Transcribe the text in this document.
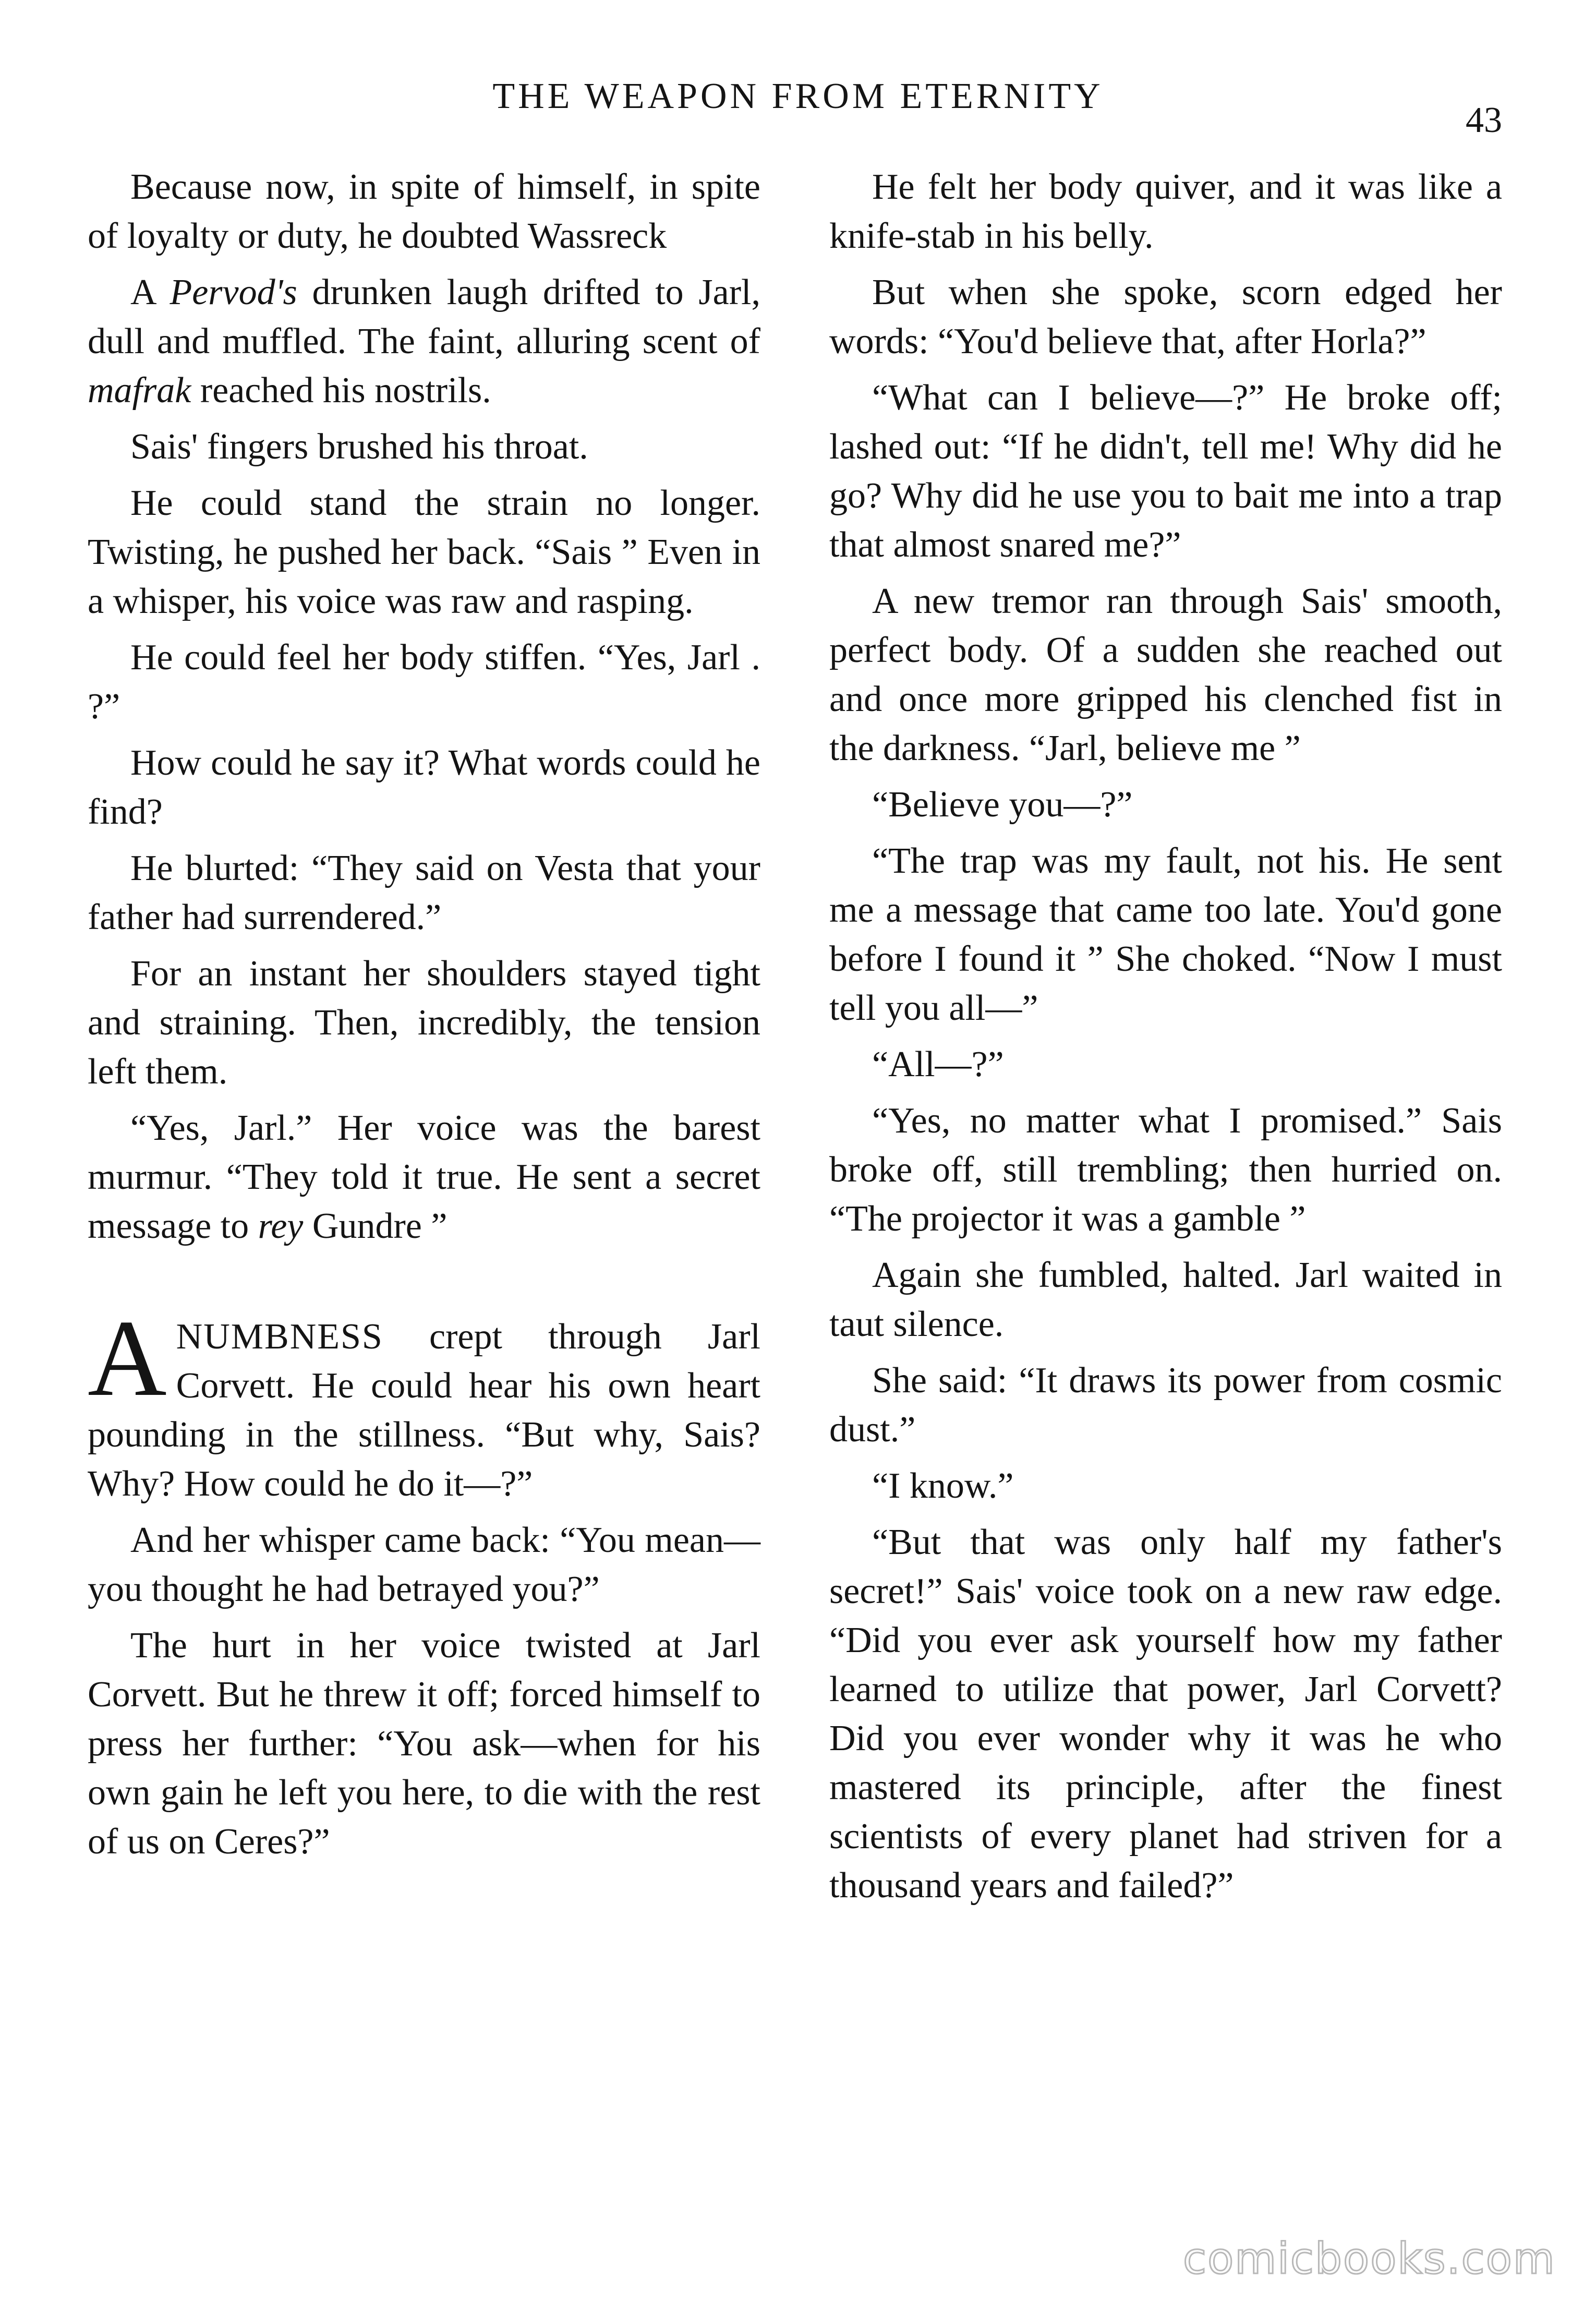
THE WEAPON FROM ETERNITY
43

Because now, in spite of himself, in spite of loyalty or duty, he doubted Wassreck

A Pervod's drunken laugh drifted to Jarl, dull and muffled. The faint, alluring scent of mafrak reached his nostrils.

Sais' fingers brushed his throat.

He could stand the strain no longer. Twisting, he pushed her back. “Sais ” Even in a whisper, his voice was raw and rasping.

He could feel her body stiffen. “Yes, Jarl . ?”

How could he say it? What words could he find?

He blurted: “They said on Vesta that your father had surrendered.”

For an instant her shoulders stayed tight and straining. Then, incredibly, the tension left them.

“Yes, Jarl.” Her voice was the barest murmur. “They told it true. He sent a secret message to rey Gundre ”

ANUMBNESS crept through Jarl Corvett. He could hear his own heart pounding in the stillness. “But why, Sais? Why? How could he do it—?”

And her whisper came back: “You mean—you thought he had betrayed you?”

The hurt in her voice twisted at Jarl Corvett. But he threw it off; forced himself to press her further: “You ask—when for his own gain he left you here, to die with the rest of us on Ceres?”

He felt her body quiver, and it was like a knife-stab in his belly.

But when she spoke, scorn edged her words: “You'd believe that, after Horla?”

“What can I believe—?” He broke off; lashed out: “If he didn't, tell me! Why did he go? Why did he use you to bait me into a trap that almost snared me?”

A new tremor ran through Sais' smooth, perfect body. Of a sudden she reached out and once more gripped his clenched fist in the darkness. “Jarl, believe me ”

“Believe you—?”

“The trap was my fault, not his. He sent me a message that came too late. You'd gone before I found it ” She choked. “Now I must tell you all—”

“All—?”

“Yes, no matter what I promised.” Sais broke off, still trembling; then hurried on. “The projector it was a gamble ”

Again she fumbled, halted. Jarl waited in taut silence.

She said: “It draws its power from cosmic dust.”

“I know.”

“But that was only half my father's secret!” Sais' voice took on a new raw edge. “Did you ever ask yourself how my father learned to utilize that power, Jarl Corvett? Did you ever wonder why it was he who mastered its principle, after the finest scientists of every planet had striven for a thousand years and failed?”

comicbooks.com
